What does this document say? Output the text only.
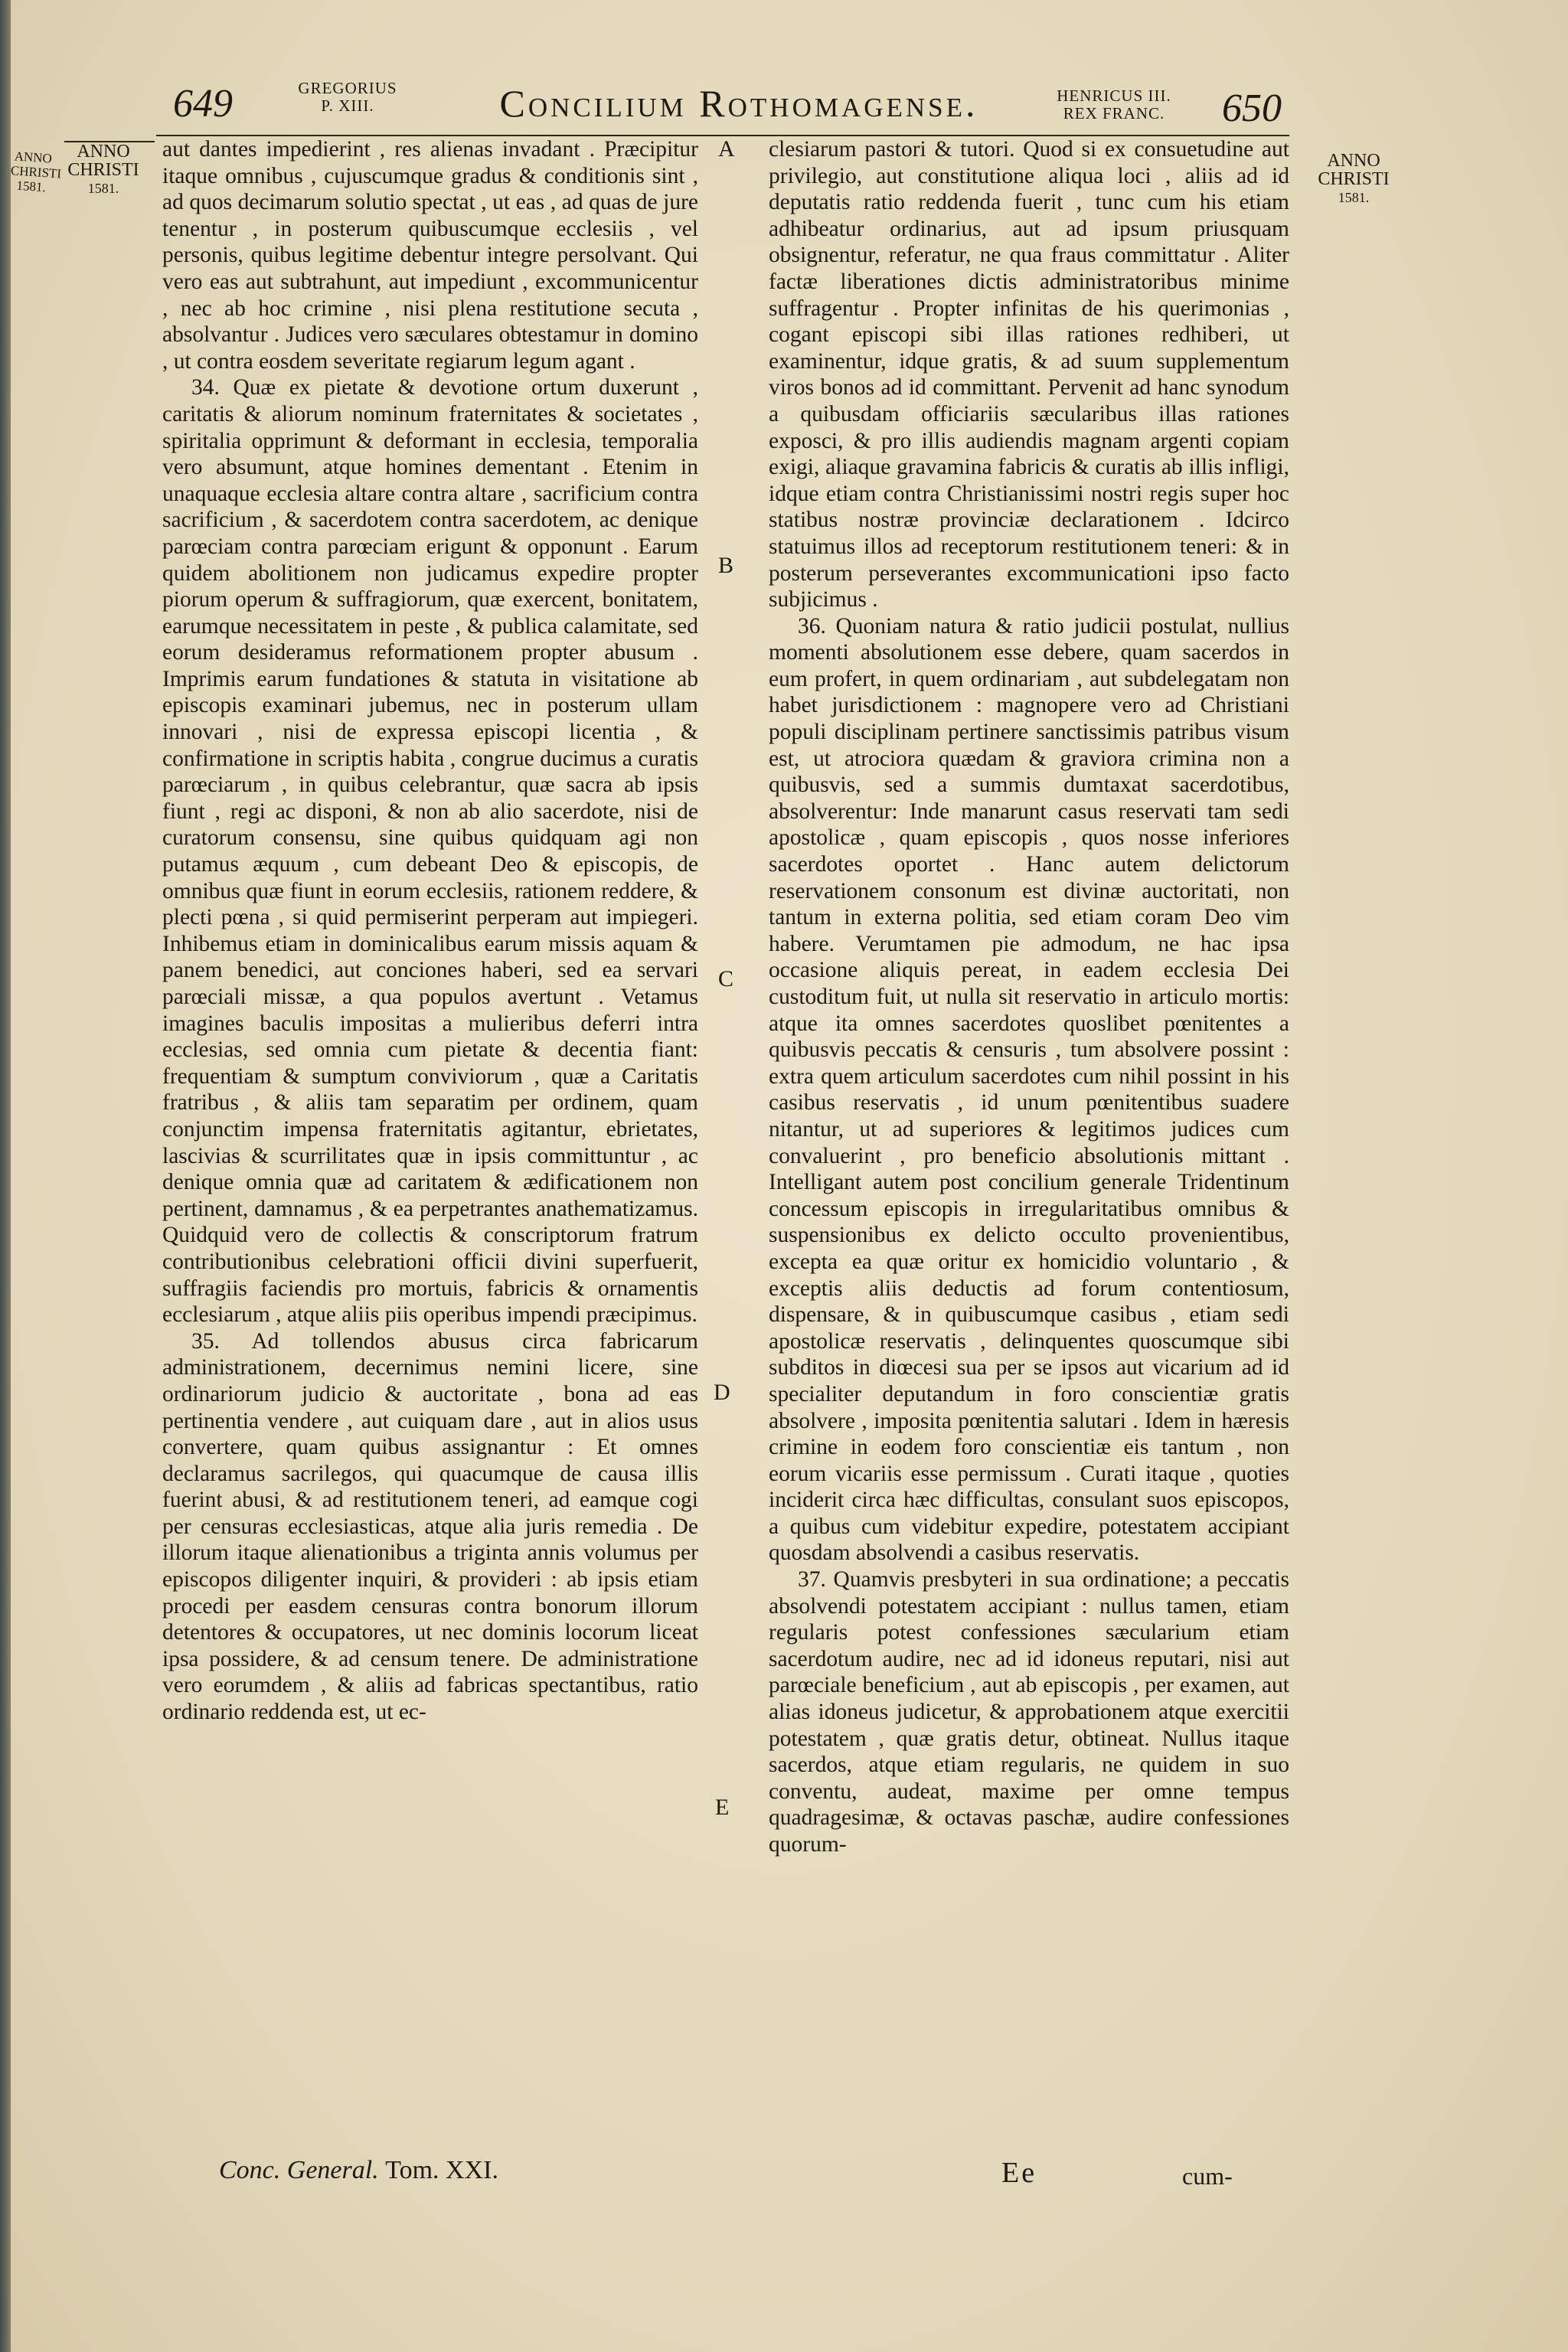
649	GREGORIUS
P. XIII.	Concilium Rothomagense.	HENRICUS III.
REX FRANC.	650
ANNO
CHRISTI
1581.
ANNO
CHRISTI
1581.
ANNO
CHRISTI
1581.

aut dantes impedierint , res alienas invadant . Præcipitur itaque omnibus , cujuscumque gradus & conditionis sint , ad quos decimarum solutio spectat , ut eas , ad quas de jure tenentur , in posterum quibuscumque ecclesiis , vel personis, quibus legitime debentur integre persolvant. Qui vero eas aut subtrahunt, aut impediunt , excommunicentur , nec ab hoc crimine , nisi plena restitutione secuta , absolvantur . Judices vero sæculares obtestamur in domino , ut contra eosdem severitate regiarum legum agant .

34. Quæ ex pietate & devotione ortum duxerunt , caritatis & aliorum nominum fraternitates & societates , spiritalia opprimunt & deformant in ecclesia, temporalia vero absumunt, atque homines dementant . Etenim in unaquaque ecclesia altare contra altare , sacrificium contra sacrificium , & sacerdotem contra sacerdotem, ac denique parœciam contra parœciam erigunt & opponunt . Earum quidem abolitionem non judicamus expedire propter piorum operum & suffragiorum, quæ exercent, bonitatem, earumque necessitatem in peste , & publica calamitate, sed eorum desideramus reformationem propter abusum . Imprimis earum fundationes & statuta in visitatione ab episcopis examinari jubemus, nec in posterum ullam innovari , nisi de expressa episcopi licentia , & confirmatione in scriptis habita , congrue ducimus a curatis parœciarum , in quibus celebrantur, quæ sacra ab ipsis fiunt , regi ac disponi, & non ab alio sacerdote, nisi de curatorum consensu, sine quibus quidquam agi non putamus æquum , cum debeant Deo & episcopis, de omnibus quæ fiunt in eorum ecclesiis, rationem reddere, & plecti pœna , si quid permiserint perperam aut impiegeri. Inhibemus etiam in dominicalibus earum missis aquam & panem benedici, aut conciones haberi, sed ea servari parœciali missæ, a qua populos avertunt . Vetamus imagines baculis impositas a mulieribus deferri intra ecclesias, sed omnia cum pietate & decentia fiant: frequentiam & sumptum conviviorum , quæ a Caritatis fratribus , & aliis tam separatim per ordinem, quam conjunctim impensa fraternitatis agitantur, ebrietates, lascivias & scurrilitates quæ in ipsis committuntur , ac denique omnia quæ ad caritatem & ædificationem non pertinent, damnamus , & ea perpetrantes anathematizamus. Quidquid vero de collectis & conscriptorum fratrum contributionibus celebrationi officii divini superfuerit, suffragiis faciendis pro mortuis, fabricis & ornamentis ecclesiarum , atque aliis piis operibus impendi præcipimus.

35. Ad tollendos abusus circa fabricarum administrationem, decernimus nemini licere, sine ordinariorum judicio & auctoritate , bona ad eas pertinentia vendere , aut cuiquam dare , aut in alios usus convertere, quam quibus assignantur : Et omnes declaramus sacrilegos, qui quacumque de causa illis fuerint abusi, & ad restitutionem teneri, ad eamque cogi per censuras ecclesiasticas, atque alia juris remedia . De illorum itaque alienationibus a triginta annis volumus per episcopos diligenter inquiri, & provideri : ab ipsis etiam procedi per easdem censuras contra bonorum illorum detentores & occupatores, ut nec dominis locorum liceat ipsa possidere, & ad censum tenere. De administratione vero eorumdem , & aliis ad fabricas spectantibus, ratio ordinario reddenda est, ut ec-

A
B
C
D
E

clesiarum pastori & tutori. Quod si ex consuetudine aut privilegio, aut constitutione aliqua loci , aliis ad id deputatis ratio reddenda fuerit , tunc cum his etiam adhibeatur ordinarius, aut ad ipsum priusquam obsignentur, referatur, ne qua fraus committatur . Aliter factæ liberationes dictis administratoribus minime suffragentur . Propter infinitas de his querimonias , cogant episcopi sibi illas rationes redhiberi, ut examinentur, idque gratis, & ad suum supplementum viros bonos ad id committant. Pervenit ad hanc synodum a quibusdam officiariis sæcularibus illas rationes exposci, & pro illis audiendis magnam argenti copiam exigi, aliaque gravamina fabricis & curatis ab illis infligi, idque etiam contra Christianissimi nostri regis super hoc statibus nostræ provinciæ declarationem . Idcirco statuimus illos ad receptorum restitutionem teneri: & in posterum perseverantes excommunicationi ipso facto subjicimus .

36. Quoniam natura & ratio judicii postulat, nullius momenti absolutionem esse debere, quam sacerdos in eum profert, in quem ordinariam , aut subdelegatam non habet jurisdictionem : magnopere vero ad Christiani populi disciplinam pertinere sanctissimis patribus visum est, ut atrociora quædam & graviora crimina non a quibusvis, sed a summis dumtaxat sacerdotibus, absolverentur: Inde manarunt casus reservati tam sedi apostolicæ , quam episcopis , quos nosse inferiores sacerdotes oportet . Hanc autem delictorum reservationem consonum est divinæ auctoritati, non tantum in externa politia, sed etiam coram Deo vim habere. Verumtamen pie admodum, ne hac ipsa occasione aliquis pereat, in eadem ecclesia Dei custoditum fuit, ut nulla sit reservatio in articulo mortis: atque ita omnes sacerdotes quoslibet pœnitentes a quibusvis peccatis & censuris , tum absolvere possint : extra quem articulum sacerdotes cum nihil possint in his casibus reservatis , id unum pœnitentibus suadere nitantur, ut ad superiores & legitimos judices cum convaluerint , pro beneficio absolutionis mittant . Intelligant autem post concilium generale Tridentinum concessum episcopis in irregularitatibus omnibus & suspensionibus ex delicto occulto provenientibus, excepta ea quæ oritur ex homicidio voluntario , & exceptis aliis deductis ad forum contentiosum, dispensare, & in quibuscumque casibus , etiam sedi apostolicæ reservatis , delinquentes quoscumque sibi subditos in diœcesi sua per se ipsos aut vicarium ad id specialiter deputandum in foro conscientiæ gratis absolvere , imposita pœnitentia salutari . Idem in hæresis crimine in eodem foro conscientiæ eis tantum , non eorum vicariis esse permissum . Curati itaque , quoties inciderit circa hæc difficultas, consulant suos episcopos, a quibus cum videbitur expedire, potestatem accipiant quosdam absolvendi a casibus reservatis.

37. Quamvis presbyteri in sua ordinatione; a peccatis absolvendi potestatem accipiant : nullus tamen, etiam regularis potest confessiones sæcularium etiam sacerdotum audire, nec ad id idoneus reputari, nisi aut parœciale beneficium , aut ab episcopis , per examen, aut alias idoneus judicetur, & approbationem atque exercitii potestatem , quæ gratis detur, obtineat. Nullus itaque sacerdos, atque etiam regularis, ne quidem in suo conventu, audeat, maxime per omne tempus quadragesimæ, & octavas paschæ, audire confessiones quorum-

Conc. General. Tom. XXI.	Ee	cum-
